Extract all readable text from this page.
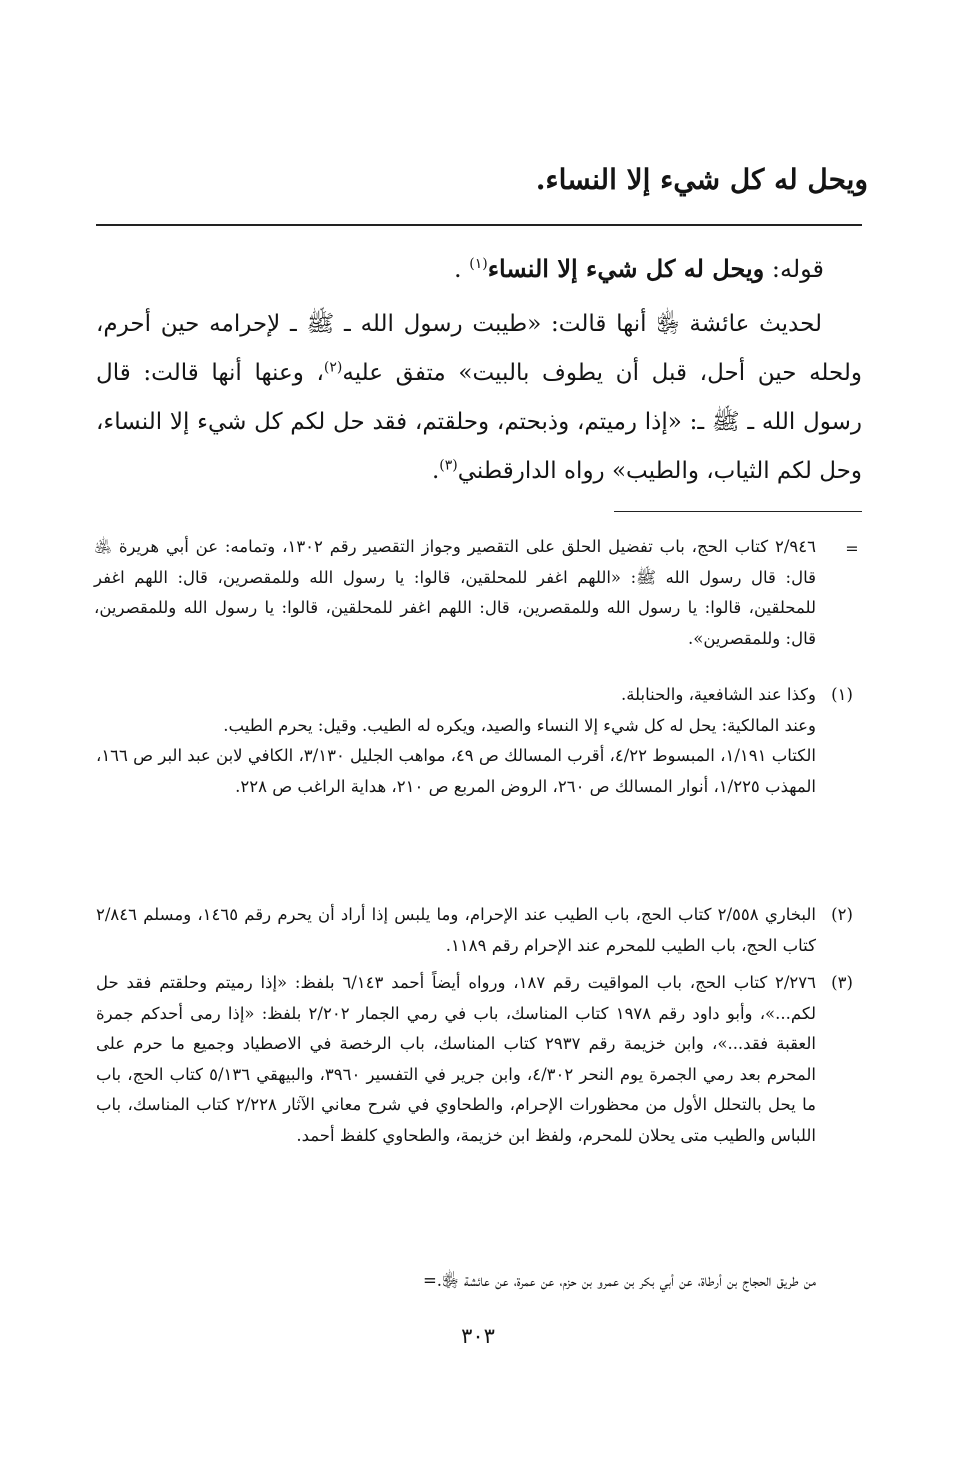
ويحل له كل شيء إلا النساء.
قوله: ويحل له كل شيء إلا النساء$^{(١)}$ .

لحديث عائشة ﵂ أنها قالت: «طيبت رسول الله ـ ﷺ ـ لإحرامه حين أحرم، ولحله حين أحل، قبل أن يطوف بالبيت» متفق عليه$^{(٢)}$، وعنها أنها قالت: قال رسول الله ـ ﷺ ـ: «إذا رميتم، وذبحتم، وحلقتم، فقد حل لكم كل شيء إلا النساء، وحل لكم الثياب، والطيب» رواه الدارقطني$^{(٣)}$.

=
٢/٩٤٦ كتاب الحج، باب تفضيل الحلق على التقصير وجواز التقصير رقم ١٣٠٢، وتمامه: عن أبي هريرة ﵁ قال: قال رسول الله ﷺ: «اللهم اغفر للمحلقين، قالوا: يا رسول الله وللمقصرين، قال: اللهم اغفر للمحلقين، قالوا: يا رسول الله وللمقصرين، قال: اللهم اغفر للمحلقين، قالوا: يا رسول الله وللمقصرين، قال: وللمقصرين».
(١)

وكذا عند الشافعية، والحنابلة.

وعند المالكية: يحل له كل شيء إلا النساء والصيد، ويكره له الطيب. وقيل: يحرم الطيب.

الكتاب ١/١٩١، المبسوط ٤/٢٢، أقرب المسالك ص ٤٩، مواهب الجليل ٣/١٣٠، الكافي لابن عبد البر ص ١٦٦، المهذب ١/٢٢٥، أنوار المسالك ص ٢٦٠، الروض المربع ص ٢١٠، هداية الراغب ص ٢٢٨.

(٢)
البخاري ٢/٥٥٨ كتاب الحج، باب الطيب عند الإحرام، وما يلبس إذا أراد أن يحرم رقم ١٤٦٥، ومسلم ٢/٨٤٦ كتاب الحج، باب الطيب للمحرم عند الإحرام رقم ١١٨٩.
(٣)
٢/٢٧٦ كتاب الحج، باب المواقيت رقم ١٨٧، ورواه أيضاً أحمد ٦/١٤٣ بلفظ: «إذا رميتم وحلقتم فقد حل لكم...»، وأبو داود رقم ١٩٧٨ كتاب المناسك، باب في رمي الجمار ٢/٢٠٢ بلفظ: «إذا رمى أحدكم جمرة العقبة فقد...»، وابن خزيمة رقم ٢٩٣٧ كتاب المناسك، باب الرخصة في الاصطياد وجميع ما حرم على المحرم بعد رمي الجمرة يوم النحر ٤/٣٠٢، وابن جرير في التفسير ٣٩٦٠، والبيهقي ٥/١٣٦ كتاب الحج، باب ما يحل بالتحلل الأول من محظورات الإحرام، والطحاوي في شرح معاني الآثار ٢/٢٢٨ كتاب المناسك، باب اللباس والطيب متى يحلان للمحرم، ولفظ ابن خزيمة، والطحاوي كلفظ أحمد.
من طريق الحجاج بن أرطاة، عن أبي بكر بن عمرو بن حزم، عن عمرة، عن عائشة ﵂.=
٣٠٣
